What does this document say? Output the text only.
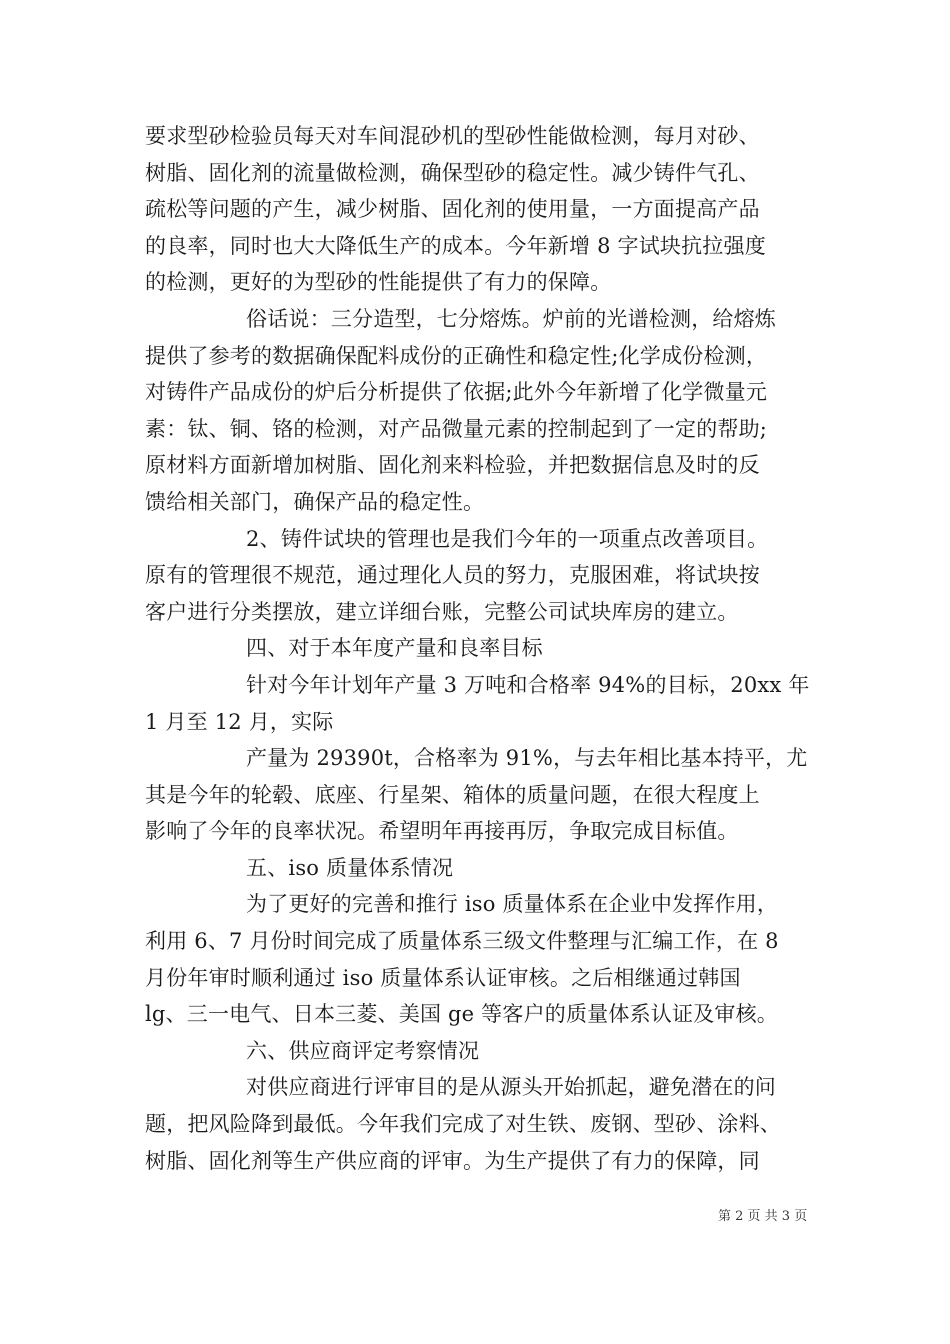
要求型砂检验员每天对车间混砂机的型砂性能做检测，每月对砂、
树脂、固化剂的流量做检测，确保型砂的稳定性。减少铸件气孔、
疏松等问题的产生，减少树脂、固化剂的使用量，一方面提高产品
的良率，同时也大大降低生产的成本。今年新增 8 字试块抗拉强度
的检测，更好的为型砂的性能提供了有力的保障。
俗话说：三分造型，七分熔炼。炉前的光谱检测，给熔炼
提供了参考的数据确保配料成份的正确性和稳定性;化学成份检测，
对铸件产品成份的炉后分析提供了依据;此外今年新增了化学微量元
素：钛、铜、铬的检测，对产品微量元素的控制起到了一定的帮助;
原材料方面新增加树脂、固化剂来料检验，并把数据信息及时的反
馈给相关部门，确保产品的稳定性。
2、铸件试块的管理也是我们今年的一项重点改善项目。
原有的管理很不规范，通过理化人员的努力，克服困难，将试块按
客户进行分类摆放，建立详细台账，完整公司试块库房的建立。
四、对于本年度产量和良率目标
针对今年计划年产量 3 万吨和合格率 94%的目标，20xx 年
1 月至 12 月，实际
产量为 29390t，合格率为 91%，与去年相比基本持平，尤
其是今年的轮毂、底座、行星架、箱体的质量问题，在很大程度上
影响了今年的良率状况。希望明年再接再厉，争取完成目标值。
五、iso 质量体系情况
为了更好的完善和推行 iso 质量体系在企业中发挥作用，
利用 6、7 月份时间完成了质量体系三级文件整理与汇编工作，在 8
月份年审时顺利通过 iso 质量体系认证审核。之后相继通过韩国
lg、三一电气、日本三菱、美国 ge 等客户的质量体系认证及审核。
六、供应商评定考察情况
对供应商进行评审目的是从源头开始抓起，避免潜在的问
题，把风险降到最低。今年我们完成了对生铁、废钢、型砂、涂料、
树脂、固化剂等生产供应商的评审。为生产提供了有力的保障，同
第 2 页 共 3 页
